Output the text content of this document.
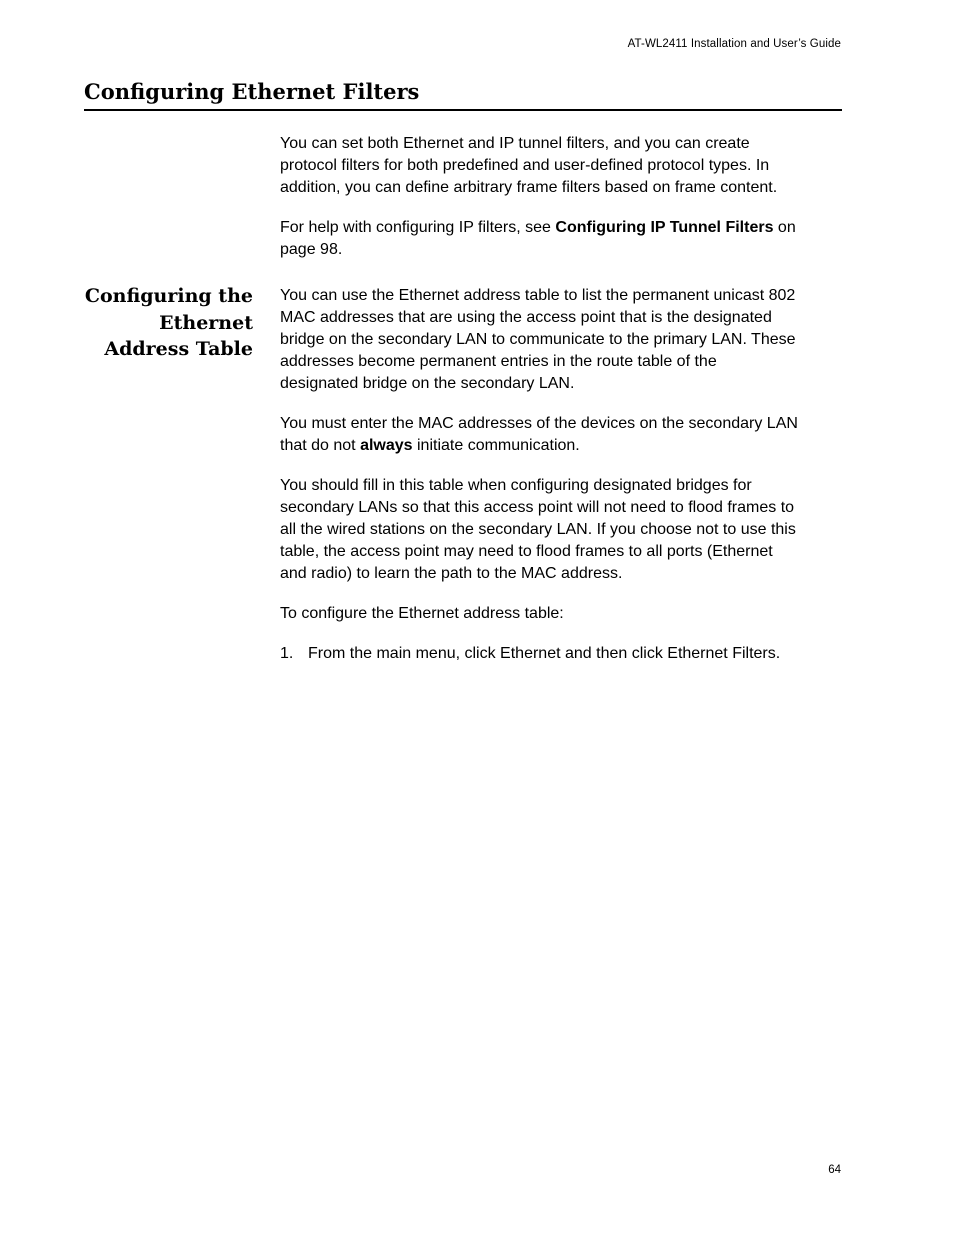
AT-WL2411 Installation and User’s Guide
Configuring Ethernet Filters

You can set both Ethernet and IP tunnel filters, and you can create
protocol filters for both predefined and user-defined protocol types. In
addition, you can define arbitrary frame filters based on frame content.

For help with configuring IP filters, see Configuring IP Tunnel Filters on
page 98.

Configuring the
Ethernet
Address Table

You can use the Ethernet address table to list the permanent unicast 802
MAC addresses that are using the access point that is the designated
bridge on the secondary LAN to communicate to the primary LAN. These
addresses become permanent entries in the route table of the
designated bridge on the secondary LAN.

You must enter the MAC addresses of the devices on the secondary LAN
that do not always initiate communication.

You should fill in this table when configuring designated bridges for
secondary LANs so that this access point will not need to flood frames to
all the wired stations on the secondary LAN. If you choose not to use this
table, the access point may need to flood frames to all ports (Ethernet
and radio) to learn the path to the MAC address.

To configure the Ethernet address table:

1. From the main menu, click Ethernet and then click Ethernet Filters.
64
